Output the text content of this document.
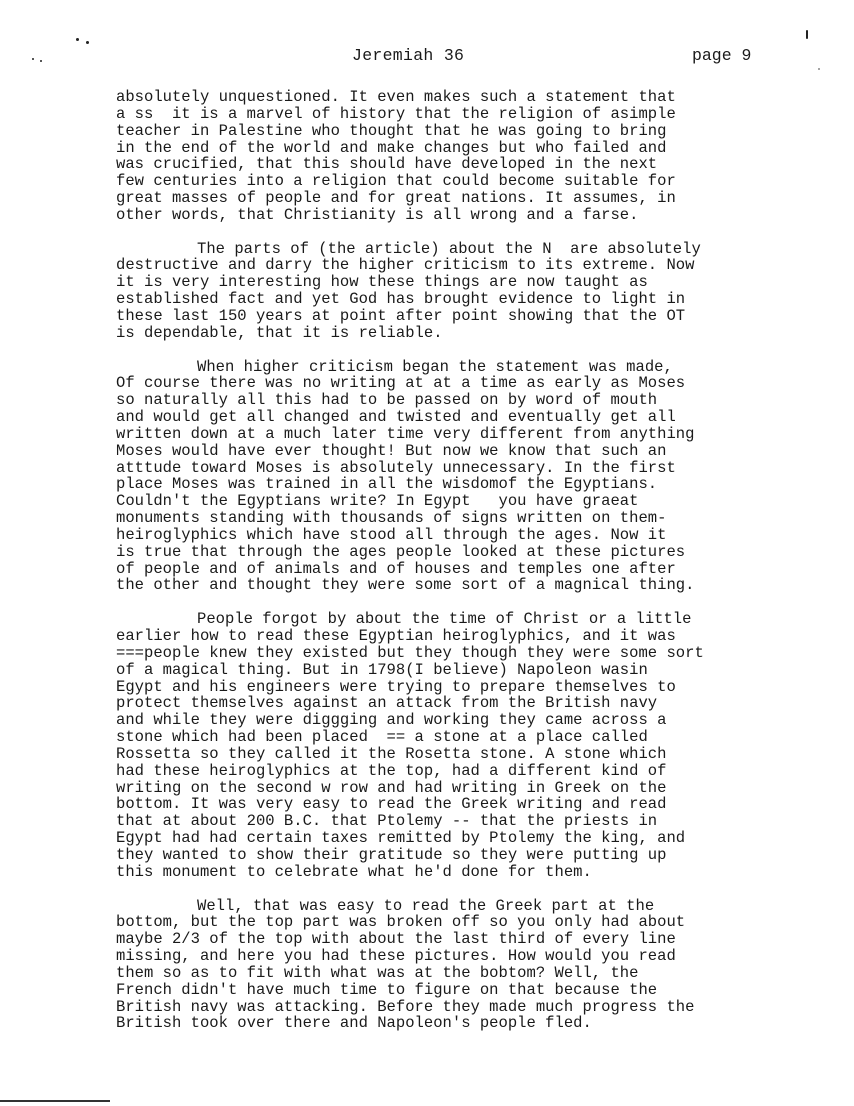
Jeremiah 36	page 9
absolutely unquestioned. It even makes such a statement that
a ss  it is a marvel of history that the religion of asimple
teacher in Palestine who thought that he was going to bring
in the end of the world and make changes but who failed and
was crucified, that this should have developed in the next
few centuries into a religion that could become suitable for
great masses of people and for great nations. It assumes, in
other words, that Christianity is all wrong and a farse.
The parts of (the article) about the N  are absolutely
destructive and darry the higher criticism to its extreme. Now
it is very interesting how these things are now taught as
established fact and yet God has brought evidence to light in
these last 150 years at point after point showing that the OT
is dependable, that it is reliable.
When higher criticism began the statement was made,
Of course there was no writing at at a time as early as Moses
so naturally all this had to be passed on by word of mouth
and would get all changed and twisted and eventually get all
written down at a much later time very different from anything
Moses would have ever thought! But now we know that such an
atttude toward Moses is absolutely unnecessary. In the first
place Moses was trained in all the wisdomof the Egyptians.
Couldn't the Egyptians write? In Egypt   you have graeat
monuments standing with thousands of signs written on them-
heiroglyphics which have stood all through the ages. Now it
is true that through the ages people looked at these pictures
of people and of animals and of houses and temples one after
the other and thought they were some sort of a magnical thing.
People forgot by about the time of Christ or a little
earlier how to read these Egyptian heiroglyphics, and it was
===people knew they existed but they though they were some sort
of a magical thing. But in 1798(I believe) Napoleon wasin
Egypt and his engineers were trying to prepare themselves to
protect themselves against an attack from the British navy
and while they were diggging and working they came across a
stone which had been placed  == a stone at a place called
Rossetta so they called it the Rosetta stone. A stone which
had these heiroglyphics at the top, had a different kind of
writing on the second w row and had writing in Greek on the
bottom. It was very easy to read the Greek writing and read
that at about 200 B.C. that Ptolemy -- that the priests in
Egypt had had certain taxes remitted by Ptolemy the king, and
they wanted to show their gratitude so they were putting up
this monument to celebrate what he'd done for them.
Well, that was easy to read the Greek part at the
bottom, but the top part was broken off so you only had about
maybe 2/3 of the top with about the last third of every line
missing, and here you had these pictures. How would you read
them so as to fit with what was at the bobtom? Well, the
French didn't have much time to figure on that because the
British navy was attacking. Before they made much progress the
British took over there and Napoleon's people fled.
